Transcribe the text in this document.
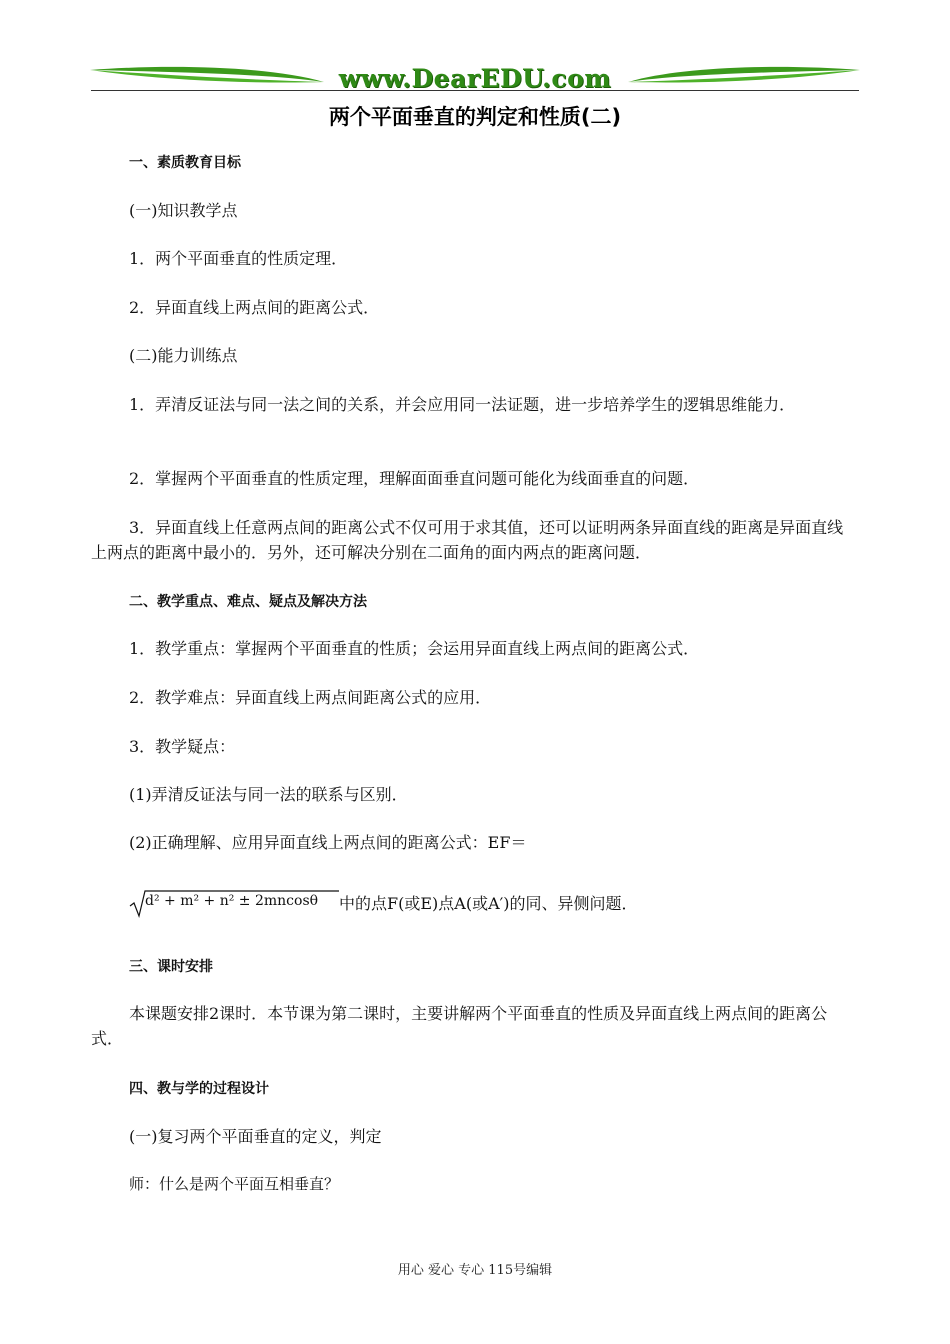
www.DearEDU.com
两个平面垂直的判定和性质(二)
一、素质教育目标
(一)知识教学点
1．两个平面垂直的性质定理．
2．异面直线上两点间的距离公式．
(二)能力训练点
1．弄清反证法与同一法之间的关系，并会应用同一法证题，进一步培养学生的逻辑思维能力．
2．掌握两个平面垂直的性质定理，理解面面垂直问题可能化为线面垂直的问题．
3．异面直线上任意两点间的距离公式不仅可用于求其值，还可以证明两条异面直线的距离是异面直线上两点的距离中最小的．另外，还可解决分别在二面角的面内两点的距离问题．
二、教学重点、难点、疑点及解决方法
1．教学重点：掌握两个平面垂直的性质；会运用异面直线上两点间的距离公式．
2．教学难点：异面直线上两点间距离公式的应用．
3．教学疑点：
(1)弄清反证法与同一法的联系与区别．
(2)正确理解、应用异面直线上两点间的距离公式：EF＝
d² + m² + n² ± 2mncosθ 中的点F(或E)点A(或A′)的同、异侧问题．
三、课时安排
本课题安排2课时．本节课为第二课时，主要讲解两个平面垂直的性质及异面直线上两点间的距离公式．
四、教与学的过程设计
(一)复习两个平面垂直的定义，判定
师：什么是两个平面互相垂直？
用心 爱心 专心 115号编辑
